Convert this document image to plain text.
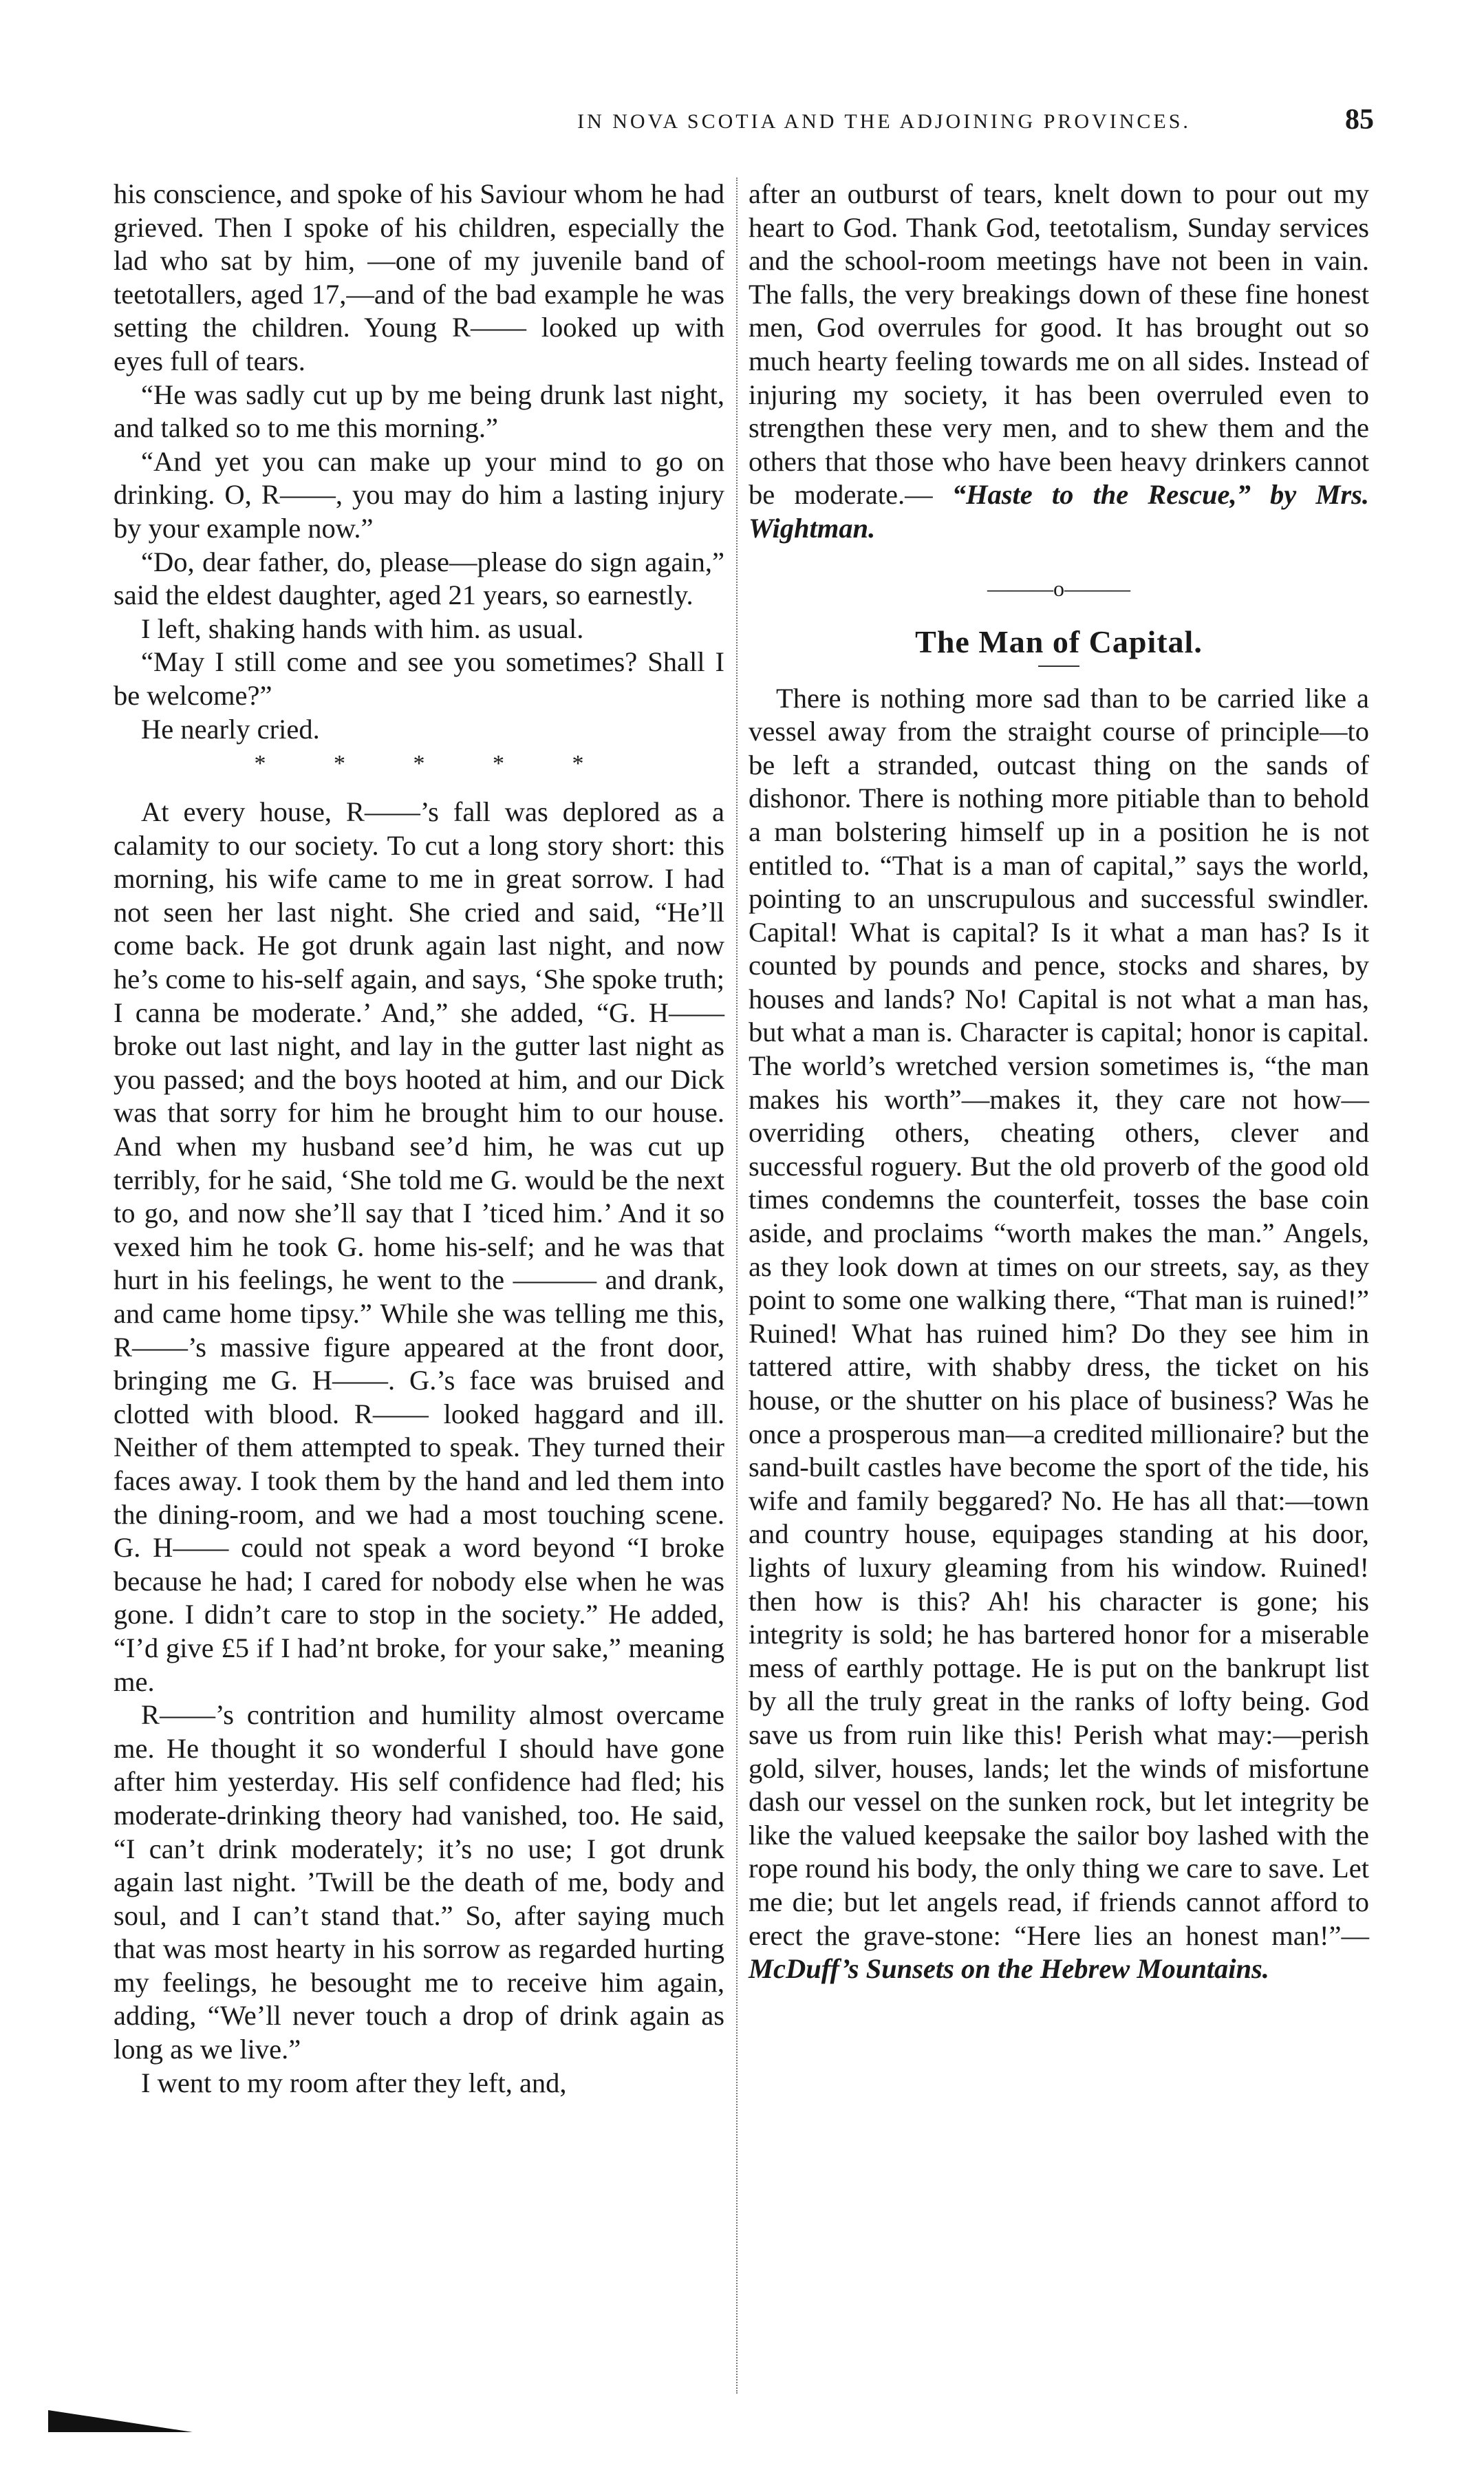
IN NOVA SCOTIA AND THE ADJOINING PROVINCES.	85

his conscience, and spoke of his Saviour whom he had grieved. Then I spoke of his children, especially the lad who sat by him, —one of my juvenile band of teetotallers, aged 17,—and of the bad example he was setting the children. Young R—— looked up with eyes full of tears.

“He was sadly cut up by me being drunk last night, and talked so to me this morning.”

“And yet you can make up your mind to go on drinking. O, R——, you may do him a lasting injury by your example now.”

“Do, dear father, do, please—please do sign again,” said the eldest daughter, aged 21 years, so earnestly.

I left, shaking hands with him. as usual.

“May I still come and see you sometimes? Shall I be welcome?”

He nearly cried.

* * * * *

At every house, R——’s fall was deplored as a calamity to our society. To cut a long story short: this morning, his wife came to me in great sorrow. I had not seen her last night. She cried and said, “He’ll come back. He got drunk again last night, and now he’s come to his-self again, and says, ‘She spoke truth; I canna be moderate.’ And,” she added, “G. H—— broke out last night, and lay in the gutter last night as you passed; and the boys hooted at him, and our Dick was that sorry for him he brought him to our house. And when my husband see’d him, he was cut up terribly, for he said, ‘She told me G. would be the next to go, and now she’ll say that I ’ticed him.’ And it so vexed him he took G. home his-self; and he was that hurt in his feelings, he went to the ——— and drank, and came home tipsy.” While she was telling me this, R——’s massive figure appeared at the front door, bringing me G. H——. G.’s face was bruised and clotted with blood. R—— looked haggard and ill. Neither of them attempted to speak. They turned their faces away. I took them by the hand and led them into the dining-room, and we had a most touching scene. G. H—— could not speak a word beyond “I broke because he had; I cared for nobody else when he was gone. I didn’t care to stop in the society.” He added, “I’d give £5 if I had’nt broke, for your sake,” meaning me.

R——’s contrition and humility almost overcame me. He thought it so wonderful I should have gone after him yesterday. His self confidence had fled; his moderate-drinking theory had vanished, too. He said, “I can’t drink moderately; it’s no use; I got drunk again last night. ’Twill be the death of me, body and soul, and I can’t stand that.” So, after saying much that was most hearty in his sorrow as regarded hurting my feelings, he besought me to receive him again, adding, “We’ll never touch a drop of drink again as long as we live.”

I went to my room after they left, and,

after an outburst of tears, knelt down to pour out my heart to God. Thank God, teetotalism, Sunday services and the school-room meetings have not been in vain. The falls, the very breakings down of these fine honest men, God overrules for good. It has brought out so much hearty feeling towards me on all sides. Instead of injuring my society, it has been overruled even to strengthen these very men, and to shew them and the others that those who have been heavy drinkers cannot be moderate.— “Haste to the Rescue,” by Mrs. Wightman.

———o———

The Man of Capital.

There is nothing more sad than to be carried like a vessel away from the straight course of principle—to be left a stranded, outcast thing on the sands of dishonor. There is nothing more pitiable than to behold a man bolstering himself up in a position he is not entitled to. “That is a man of capital,” says the world, pointing to an unscrupulous and successful swindler. Capital! What is capital? Is it what a man has? Is it counted by pounds and pence, stocks and shares, by houses and lands? No! Capital is not what a man has, but what a man is. Character is capital; honor is capital. The world’s wretched version sometimes is, “the man makes his worth”—makes it, they care not how—overriding others, cheating others, clever and successful roguery. But the old proverb of the good old times condemns the counterfeit, tosses the base coin aside, and proclaims “worth makes the man.” Angels, as they look down at times on our streets, say, as they point to some one walking there, “That man is ruined!” Ruined! What has ruined him? Do they see him in tattered attire, with shabby dress, the ticket on his house, or the shutter on his place of business? Was he once a prosperous man—a credited millionaire? but the sand-built castles have become the sport of the tide, his wife and family beggared? No. He has all that:—town and country house, equipages standing at his door, lights of luxury gleaming from his window. Ruined! then how is this? Ah! his character is gone; his integrity is sold; he has bartered honor for a miserable mess of earthly pottage. He is put on the bankrupt list by all the truly great in the ranks of lofty being. God save us from ruin like this! Perish what may:—perish gold, silver, houses, lands; let the winds of misfortune dash our vessel on the sunken rock, but let integrity be like the valued keepsake the sailor boy lashed with the rope round his body, the only thing we care to save. Let me die; but let angels read, if friends cannot afford to erect the grave-stone: “Here lies an honest man!”—McDuff’s Sunsets on the Hebrew Mountains.
